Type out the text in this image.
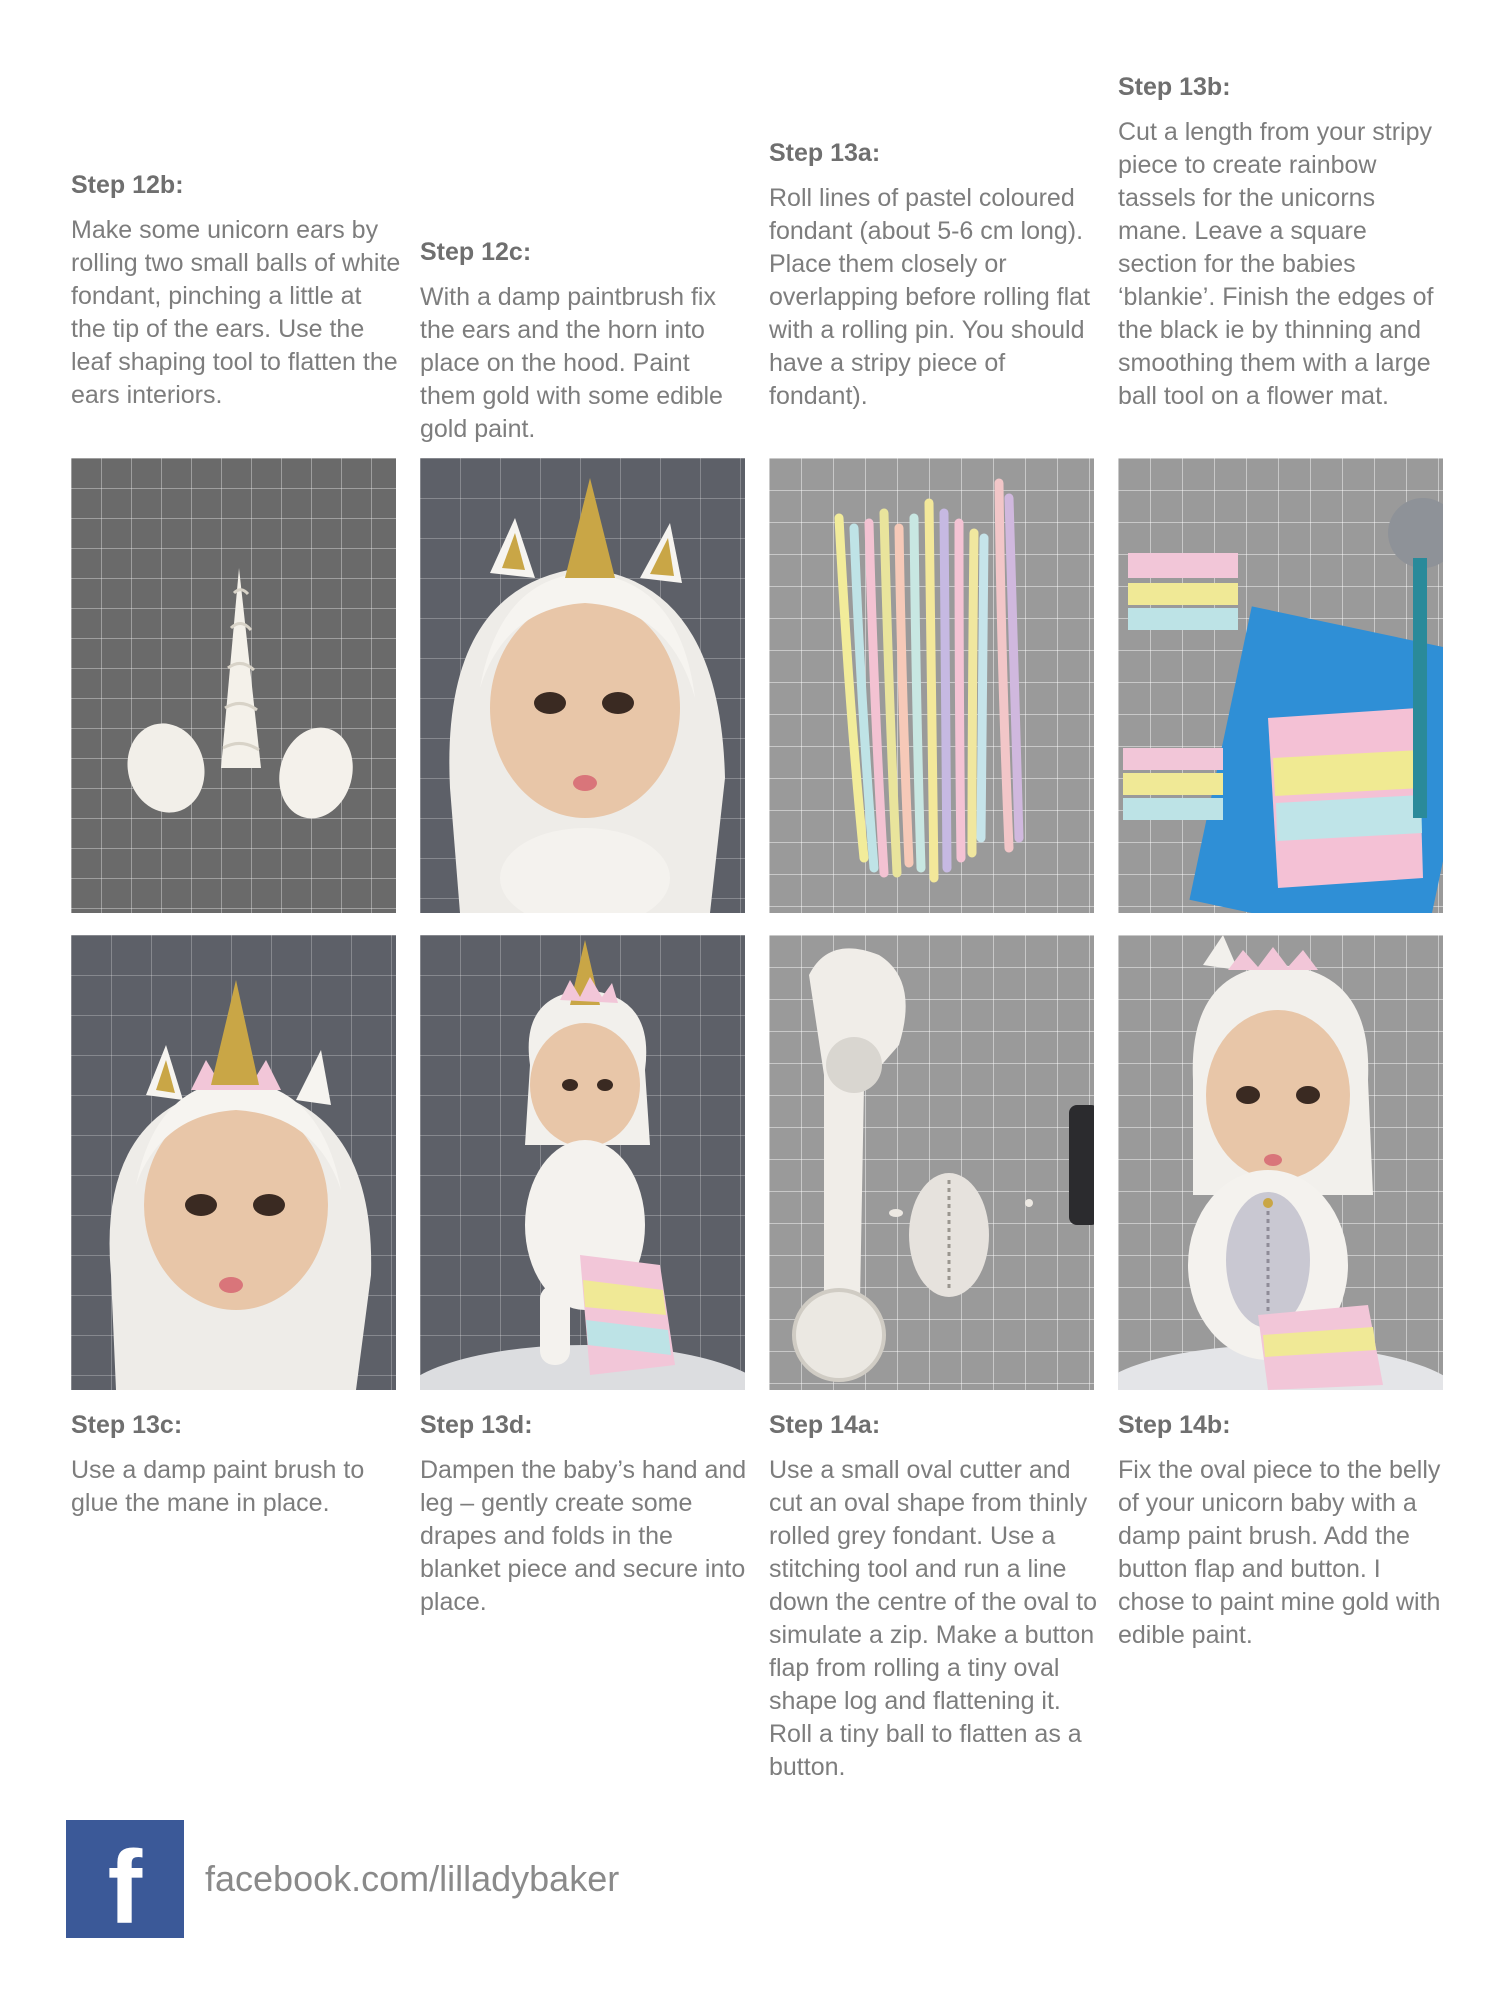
Step 12b:

Make some unicorn ears by rolling two small balls of white fondant, pinching a little at the tip of the ears. Use the leaf shaping tool to flatten the ears interiors.

Step 12c:

With a damp paintbrush fix the ears and the horn into place on the hood. Paint them gold with some edible gold paint.

Step 13a:

Roll lines of pastel coloured fondant (about 5-6 cm long). Place them closely or overlapping before rolling flat with a rolling pin. You should have a stripy piece of fondant).

Step 13b:

Cut a length from your stripy piece to create rainbow tassels for the unicorns mane. Leave a square section for the babies ‘blankie’. Finish the edges of the black ie by thinning and smoothing them with a large ball tool on a flower mat.

Step 13c:

Use a damp paint brush to glue the mane in place.

Step 13d:

Dampen the baby’s hand and leg – gently create some drapes and folds in the blanket piece and secure into place.

Step 14a:

Use a small oval cutter and cut an oval shape from thinly rolled grey fondant. Use a stitching tool and run a line down the centre of the oval to simulate a zip. Make a button flap from rolling a tiny oval shape log and flattening it. Roll a tiny ball to flatten as a button.

Step 14b:

Fix the oval piece to the belly of your unicorn baby with a damp paint brush. Add the button flap and button. I chose to paint mine gold with edible paint.

f facebook.com/lilladybaker
